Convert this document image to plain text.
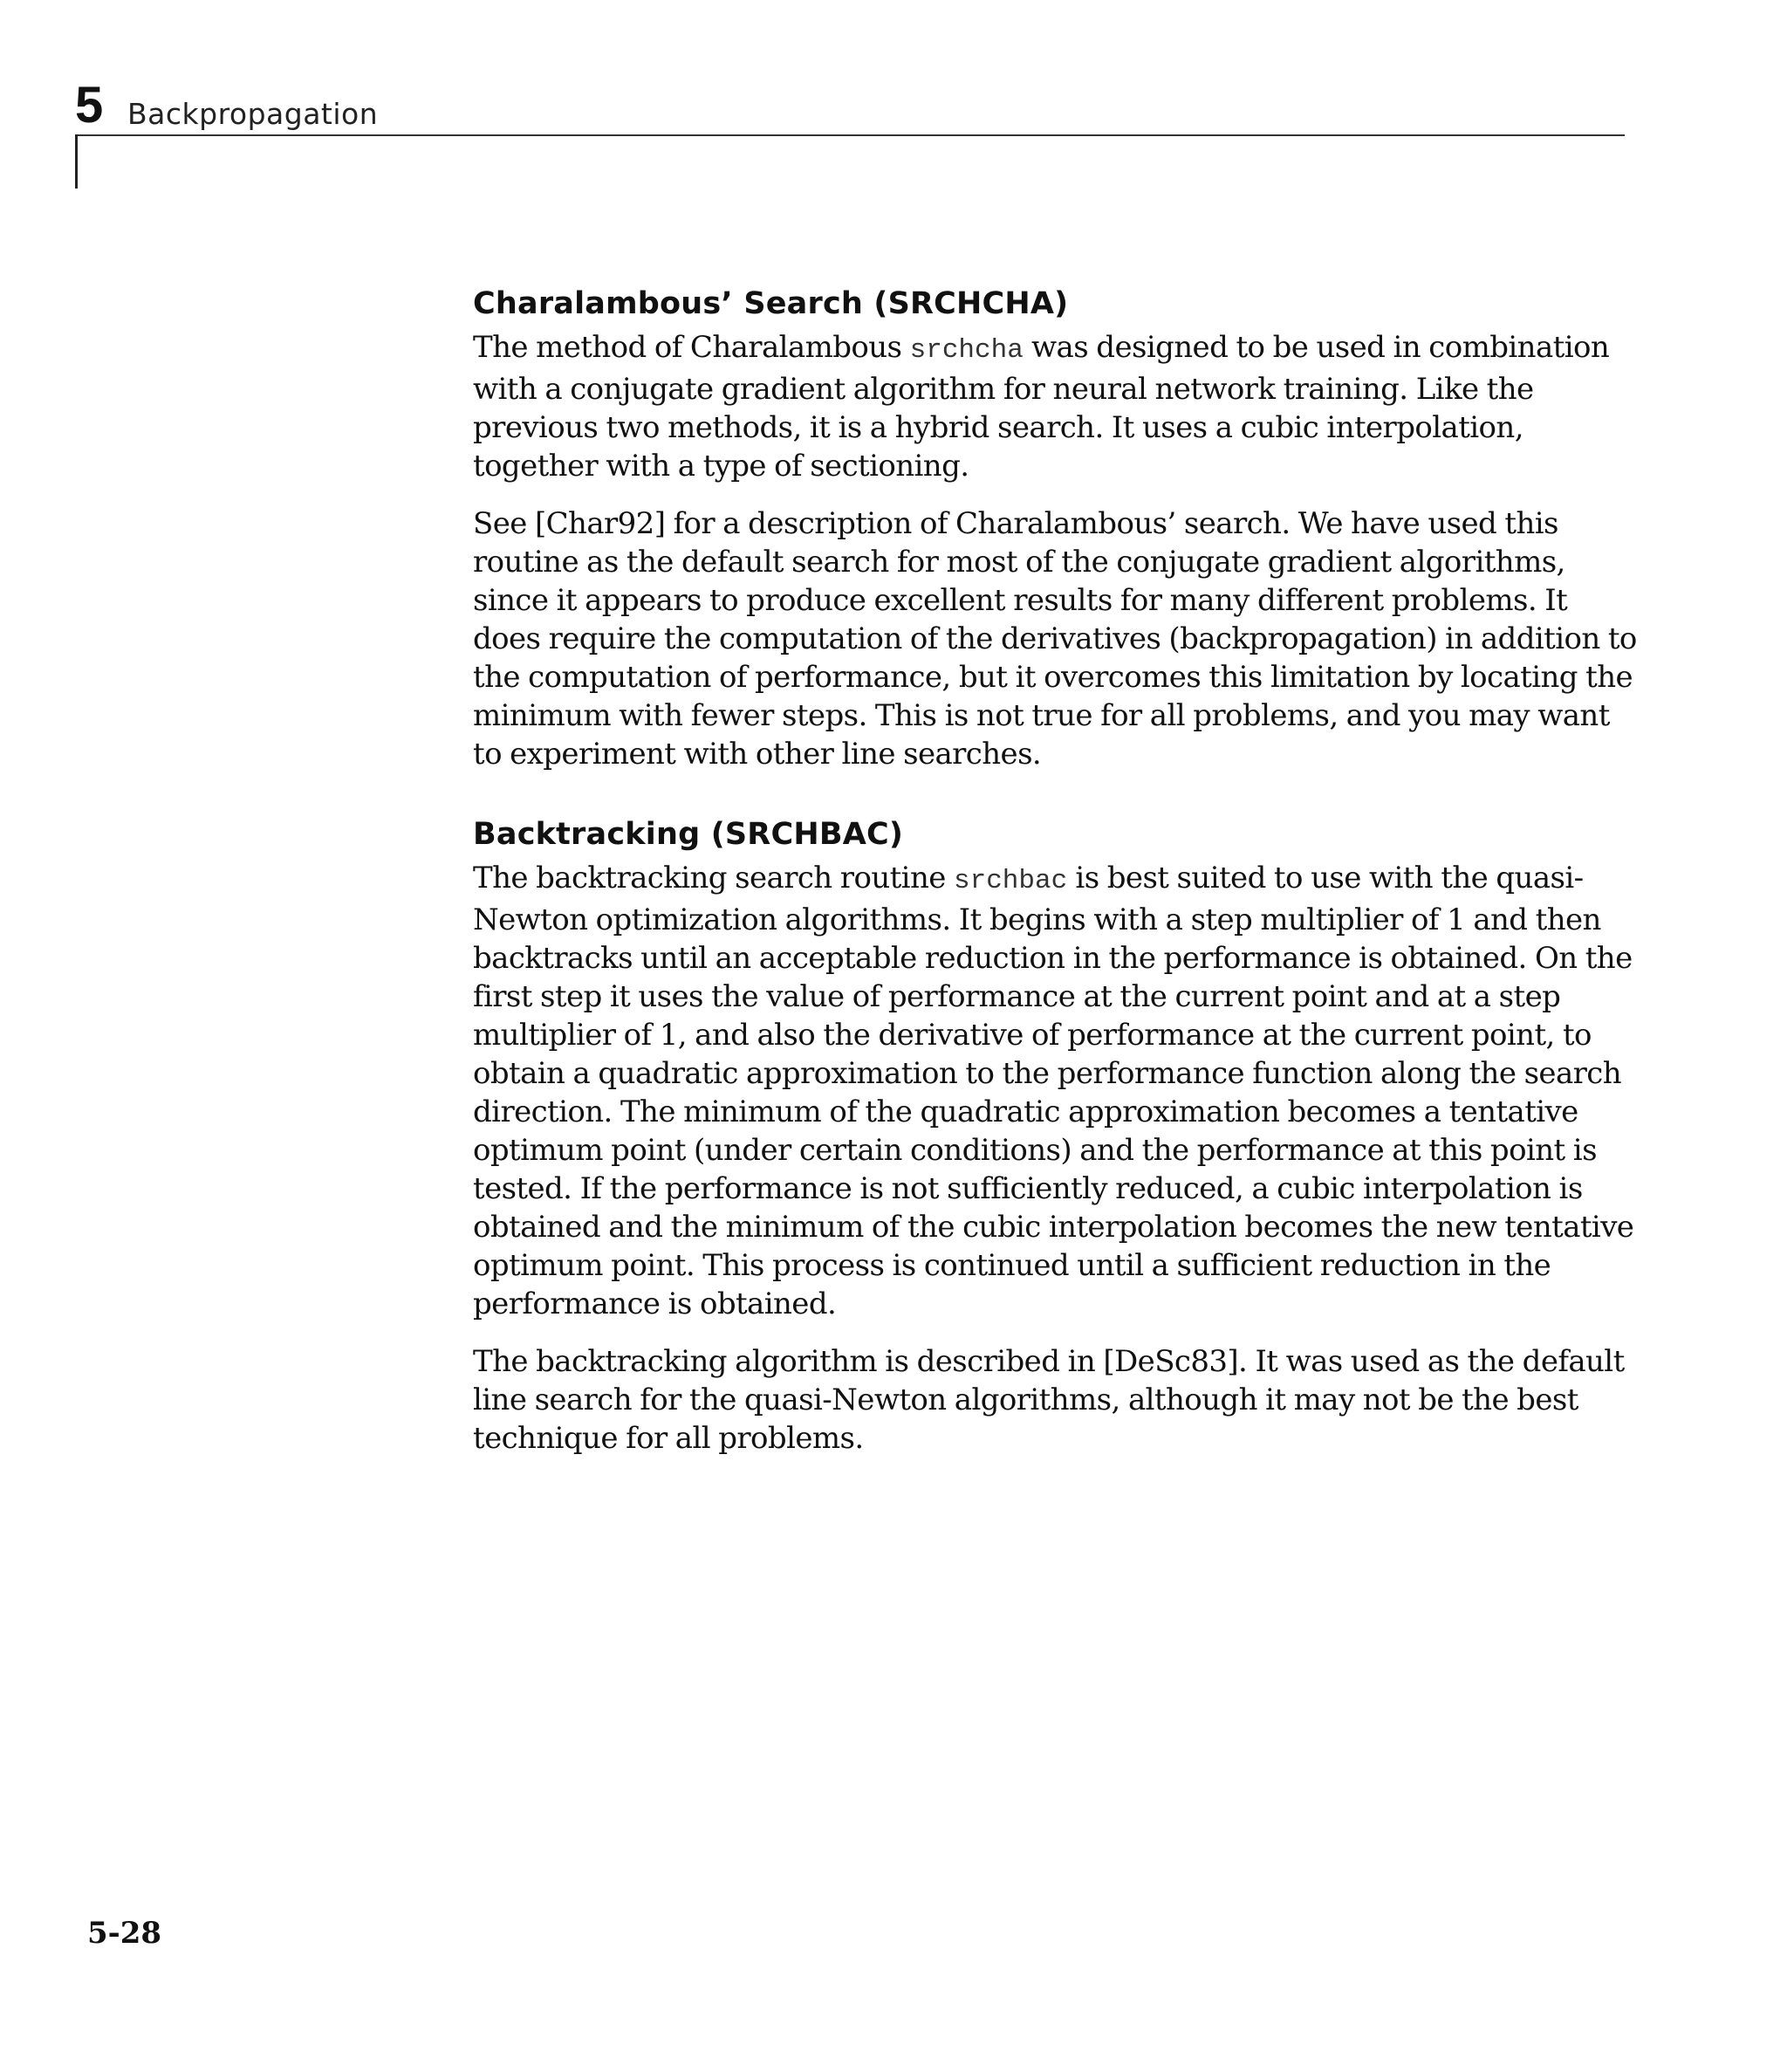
5 Backpropagation
Charalambous’ Search (SRCHCHA)

The method of Charalambous srchcha was designed to be used in combination with a conjugate gradient algorithm for neural network training. Like the previous two methods, it is a hybrid search. It uses a cubic interpolation, together with a type of sectioning.

See [Char92] for a description of Charalambous’ search. We have used this routine as the default search for most of the conjugate gradient algorithms, since it appears to produce excellent results for many different problems. It does require the computation of the derivatives (backpropagation) in addition to the computation of performance, but it overcomes this limitation by locating the minimum with fewer steps. This is not true for all problems, and you may want to experiment with other line searches.

Backtracking (SRCHBAC)

The backtracking search routine srchbac is best suited to use with the quasi-Newton optimization algorithms. It begins with a step multiplier of 1 and then backtracks until an acceptable reduction in the performance is obtained. On the first step it uses the value of performance at the current point and at a step multiplier of 1, and also the derivative of performance at the current point, to obtain a quadratic approximation to the performance function along the search direction. The minimum of the quadratic approximation becomes a tentative optimum point (under certain conditions) and the performance at this point is tested. If the performance is not sufficiently reduced, a cubic interpolation is obtained and the minimum of the cubic interpolation becomes the new tentative optimum point. This process is continued until a sufficient reduction in the performance is obtained.

The backtracking algorithm is described in [DeSc83]. It was used as the default line search for the quasi-Newton algorithms, although it may not be the best technique for all problems.

5-28
